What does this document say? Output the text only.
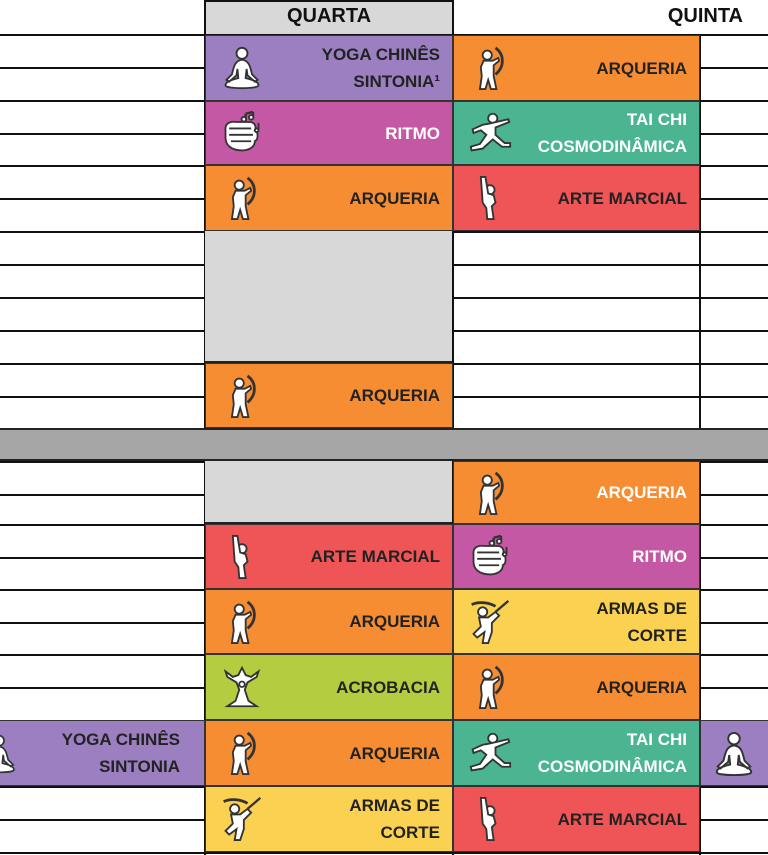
QUARTA	QUINTA
YOGA CHINÊS
SINTONIA¹
RITMO
ARQUERIA
ARQUERIA
ARTE MARCIAL
ARQUERIA
ACROBACIA
ARQUERIA
ARMAS DE
CORTE
ARQUERIA
TAI CHI
COSMODINÂMICA
ARTE MARCIAL
ARQUERIA
RITMO
ARMAS DE
CORTE
ARQUERIA
TAI CHI
COSMODINÂMICA
ARTE MARCIAL
YOGA CHINÊS
SINTONIA
